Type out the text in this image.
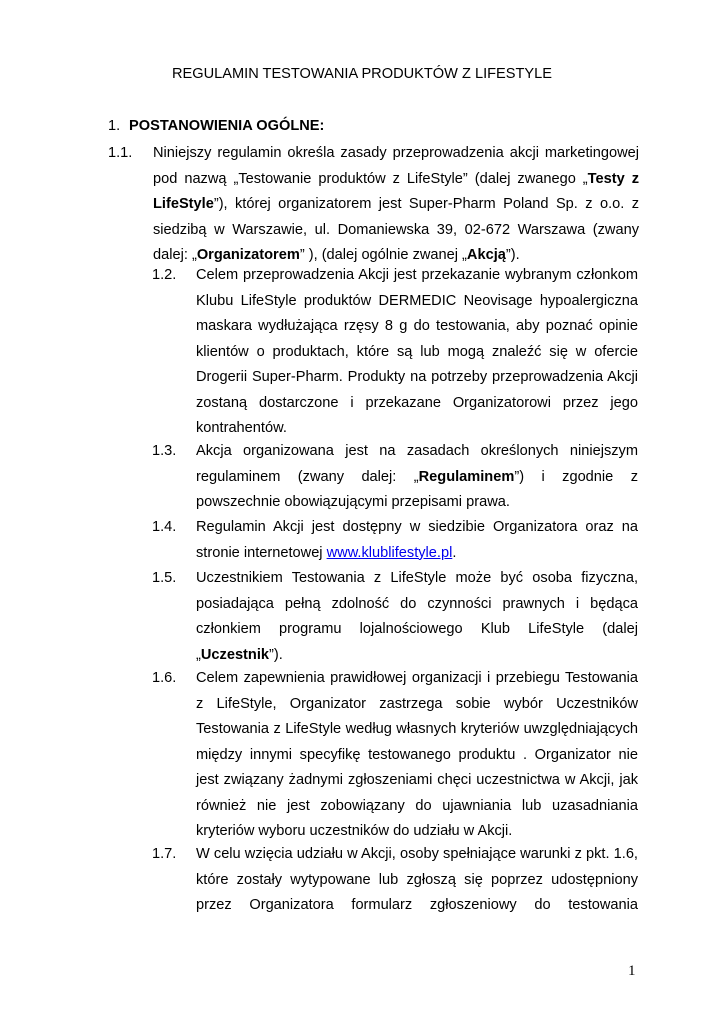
REGULAMIN TESTOWANIA PRODUKTÓW Z LIFESTYLE
1. POSTANOWIENIA OGÓLNE:
1.1. Niniejszy regulamin określa zasady przeprowadzenia akcji marketingowej pod nazwą „Testowanie produktów z LifeStyle” (dalej zwanego „Testy z LifeStyle”), której organizatorem jest Super-Pharm Poland Sp. z o.o. z siedzibą w Warszawie, ul. Domaniewska 39, 02-672 Warszawa (zwany dalej: „Organizatorem” ), (dalej ogólnie zwanej „Akcją”).
1.2. Celem przeprowadzenia Akcji jest przekazanie wybranym członkom Klubu LifeStyle produktów DERMEDIC Neovisage hypoalergiczna maskara wydłużająca rzęsy 8 g do testowania, aby poznać opinie klientów o produktach, które są lub mogą znaleźć się w ofercie Drogerii Super-Pharm. Produkty na potrzeby przeprowadzenia Akcji zostaną dostarczone i przekazane Organizatorowi przez jego kontrahentów.
1.3. Akcja organizowana jest na zasadach określonych niniejszym regulaminem (zwany dalej: „Regulaminem”) i zgodnie z powszechnie obowiązującymi przepisami prawa.
1.4. Regulamin Akcji jest dostępny w siedzibie Organizatora oraz na stronie internetowej www.klublifestyle.pl.
1.5. Uczestnikiem Testowania z LifeStyle może być osoba fizyczna, posiadająca pełną zdolność do czynności prawnych i będąca członkiem programu lojalnościowego Klub LifeStyle (dalej „Uczestnik”).
1.6. Celem zapewnienia prawidłowej organizacji i przebiegu Testowania z LifeStyle, Organizator zastrzega sobie wybór Uczestników Testowania z LifeStyle według własnych kryteriów uwzględniających między innymi specyfikę testowanego produktu . Organizator nie jest związany żadnymi zgłoszeniami chęci uczestnictwa w Akcji, jak również nie jest zobowiązany do ujawniania lub uzasadniania kryteriów wyboru uczestników do udziału w Akcji.
1.7. W celu wzięcia udziału w Akcji, osoby spełniające warunki z pkt. 1.6, które zostały wytypowane lub zgłoszą się poprzez udostępniony przez Organizatora formularz zgłoszeniowy do testowania
1
